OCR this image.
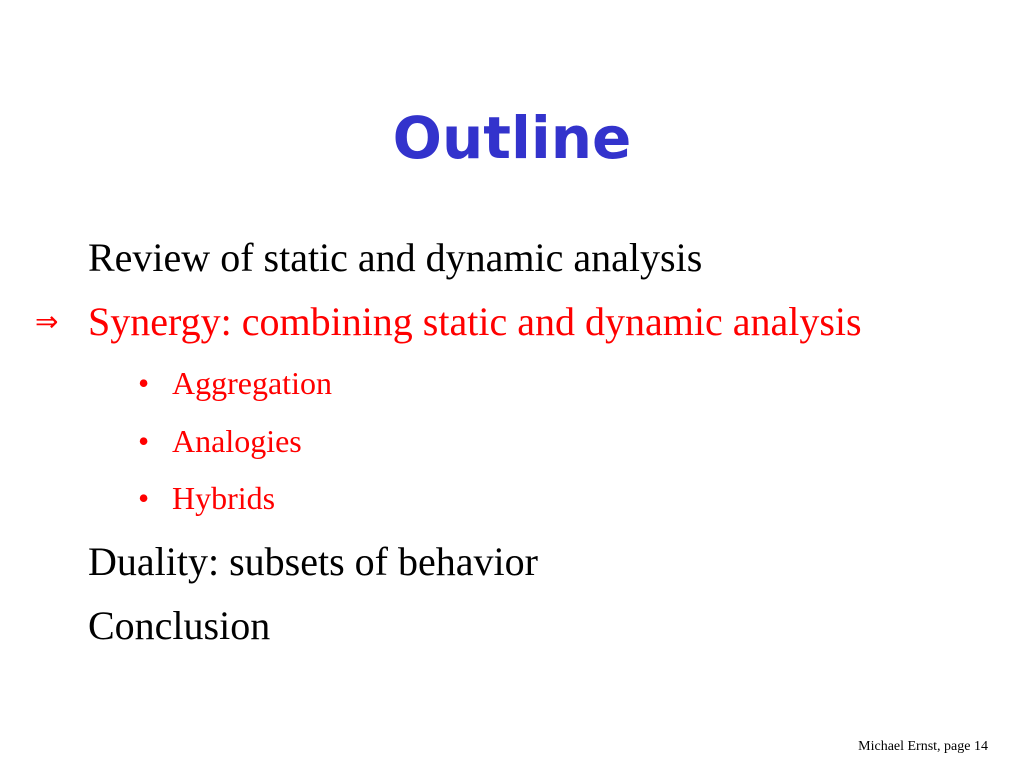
Outline
Review of static and dynamic analysis
⇒ Synergy: combining static and dynamic analysis
• Aggregation
• Analogies
• Hybrids
Duality: subsets of behavior
Conclusion
Michael Ernst, page 14
